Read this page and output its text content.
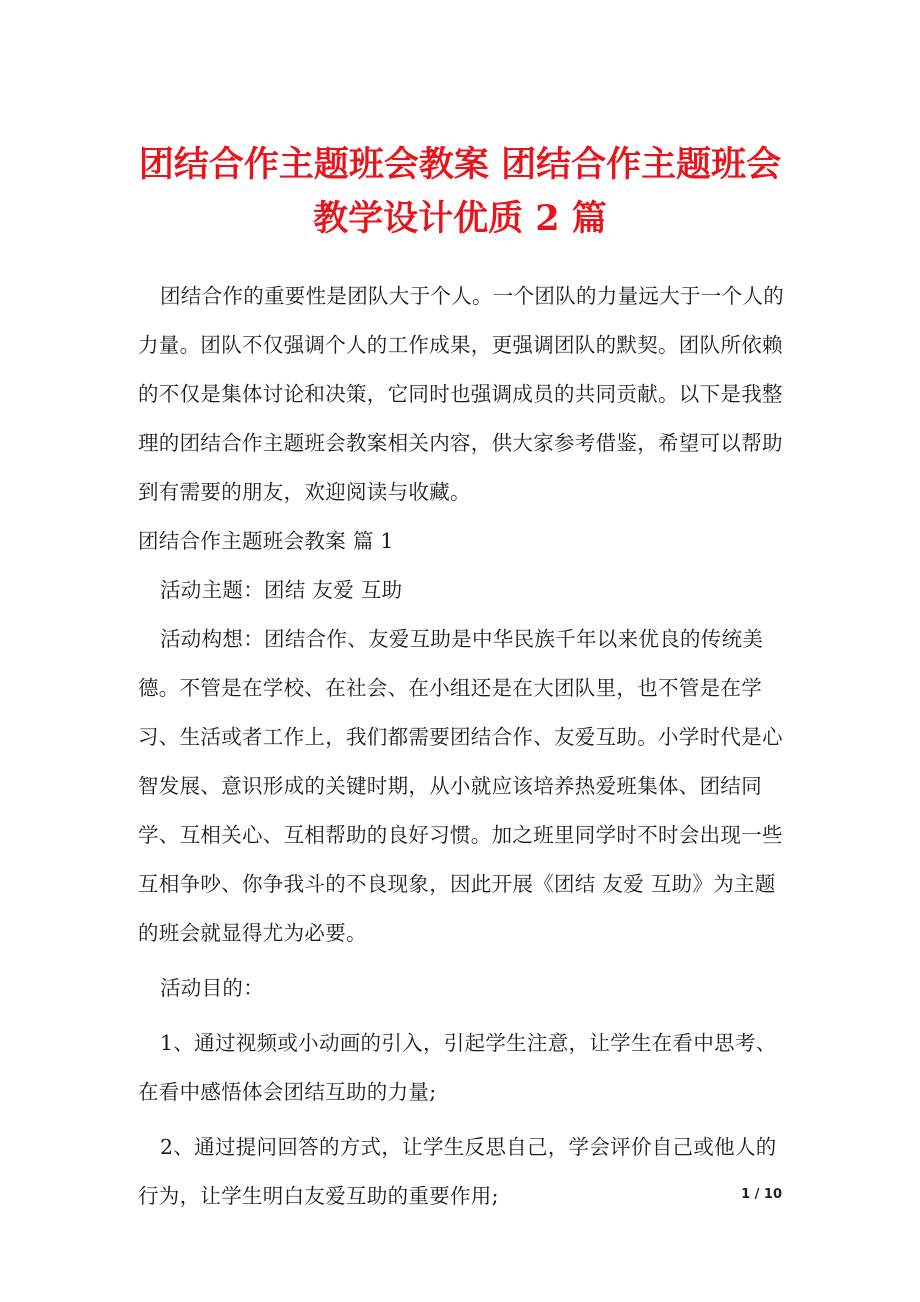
团结合作主题班会教案 团结合作主题班会
教学设计优质 2 篇

团结合作的重要性是团队大于个人。一个团队的力量远大于一个人的力量。团队不仅强调个人的工作成果，更强调团队的默契。团队所依赖的不仅是集体讨论和决策，它同时也强调成员的共同贡献。以下是我整理的团结合作主题班会教案相关内容，供大家参考借鉴，希望可以帮助到有需要的朋友，欢迎阅读与收藏。

团结合作主题班会教案 篇 1

活动主题：团结 友爱 互助

活动构想：团结合作、友爱互助是中华民族千年以来优良的传统美德。不管是在学校、在社会、在小组还是在大团队里，也不管是在学习、生活或者工作上，我们都需要团结合作、友爱互助。小学时代是心智发展、意识形成的关键时期，从小就应该培养热爱班集体、团结同学、互相关心、互相帮助的良好习惯。加之班里同学时不时会出现一些互相争吵、你争我斗的不良现象，因此开展《团结 友爱 互助》为主题的班会就显得尤为必要。

活动目的：

1、通过视频或小动画的引入，引起学生注意，让学生在看中思考、在看中感悟体会团结互助的力量;

2、通过提问回答的方式，让学生反思自己，学会评价自己或他人的行为，让学生明白友爱互助的重要作用;	1 / 10
